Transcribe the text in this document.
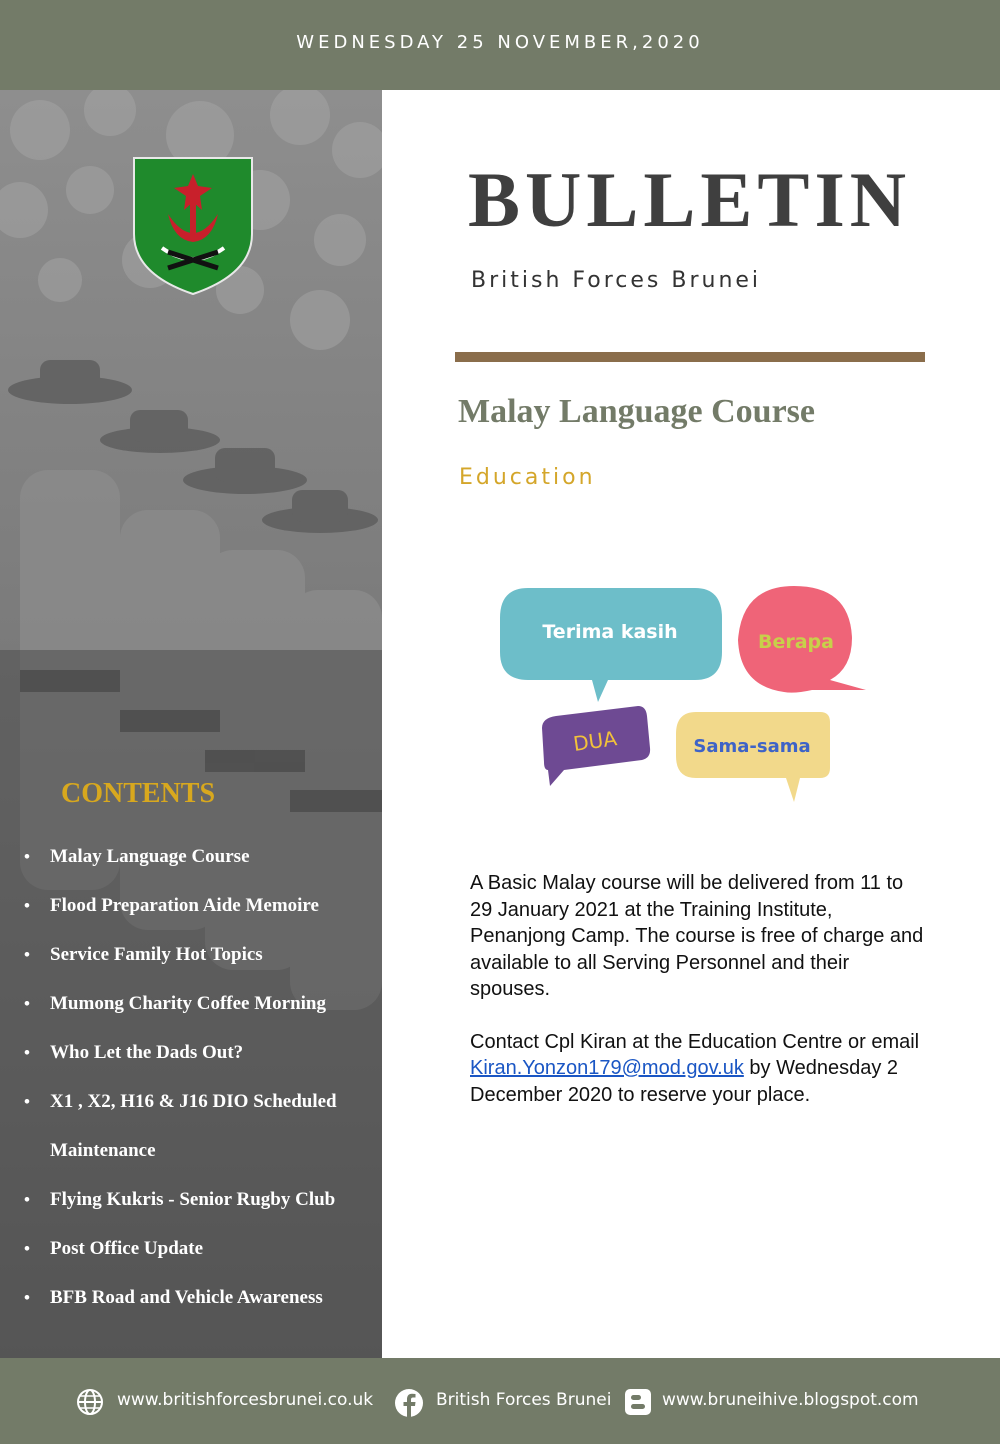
WEDNESDAY 25 NOVEMBER,2020
CONTENTS
• Malay Language Course
• Flood Preparation Aide Memoire
• Service Family Hot Topics
• Mumong Charity Coffee Morning
• Who Let the Dads Out?
• X1 , X2, H16 & J16 DIO Scheduled Maintenance
• Flying Kukris - Senior Rugby Club
• Post Office Update
• BFB Road and Vehicle Awareness
BULLETIN
British Forces Brunei
Malay Language Course
Education
Terima kasih	Berapa
DUA	Sama-sama

A Basic Malay course will be delivered from 11 to 29 January 2021 at the Training Institute, Penanjong Camp. The course is free of charge and available to all Serving Personnel and their spouses.

Contact Cpl Kiran at the Education Centre or email Kiran.Yonzon179@mod.gov.uk by Wednesday 2 December 2020 to reserve your place.

www.britishforcesbrunei.co.uk	British Forces Brunei	www.bruneihive.blogspot.com
